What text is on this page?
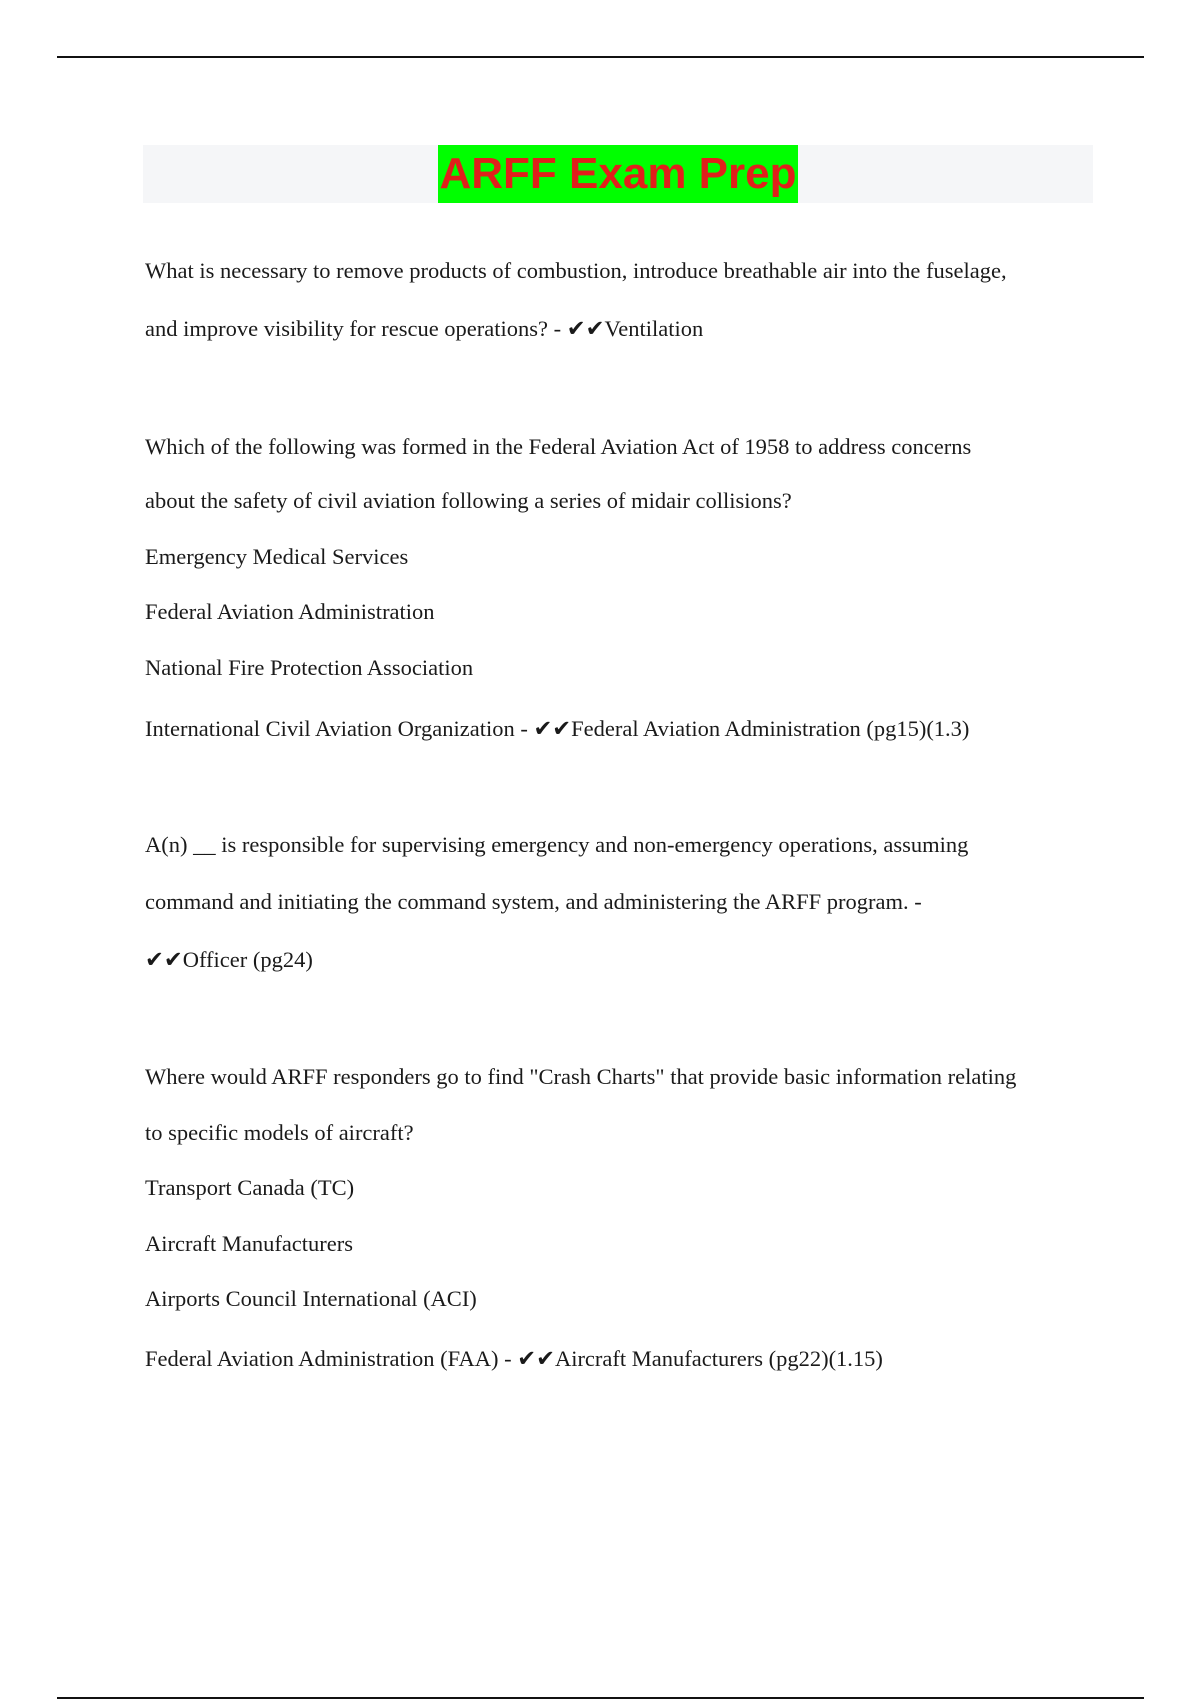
ARFF Exam Prep
What is necessary to remove products of combustion, introduce breathable air into the fuselage,
and improve visibility for rescue operations? - ✔✔Ventilation
Which of the following was formed in the Federal Aviation Act of 1958 to address concerns
about the safety of civil aviation following a series of midair collisions?
Emergency Medical Services
Federal Aviation Administration
National Fire Protection Association
International Civil Aviation Organization - ✔✔Federal Aviation Administration (pg15)(1.3)
A(n) __ is responsible for supervising emergency and non-emergency operations, assuming
command and initiating the command system, and administering the ARFF program. -
✔✔Officer (pg24)
Where would ARFF responders go to find "Crash Charts" that provide basic information relating
to specific models of aircraft?
Transport Canada (TC)
Aircraft Manufacturers
Airports Council International (ACI)
Federal Aviation Administration (FAA) - ✔✔Aircraft Manufacturers (pg22)(1.15)
